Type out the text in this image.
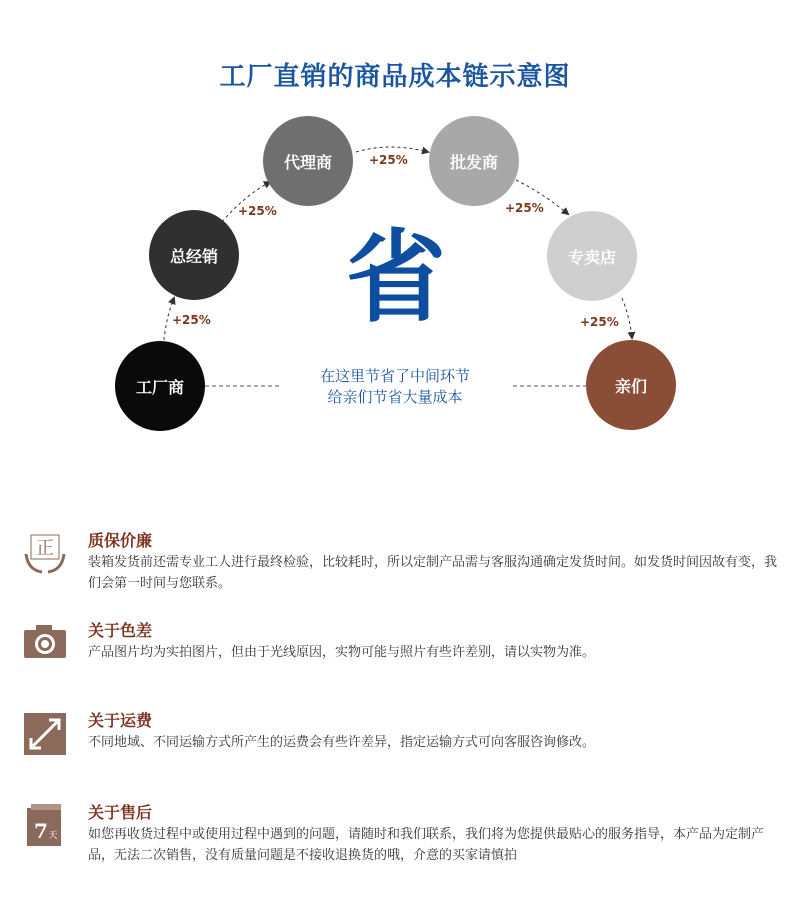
工厂直销的商品成本链示意图
工厂商
总经销
代理商	批发商
专卖店
亲们
+25%
+25%
+25%
+25%
+25%
省
在这里节省了中间环节
给亲们节省大量成本
正 质保价廉
装箱发货前还需专业工人进行最终检验，比较耗时，所以定制产品需与客服沟通确定发货时间。如发货时间因故有变，我们会第一时间与您联系。
关于色差
产品图片均为实拍图片，但由于光线原因，实物可能与照片有些许差别，请以实物为准。
关于运费
不同地域、不同运输方式所产生的运费会有些许差异，指定运输方式可向客服咨询修改。
7 天
关于售后
如您再收货过程中或使用过程中遇到的问题，请随时和我们联系，我们将为您提供最贴心的服务指导，本产品为定制产品，无法二次销售，没有质量问题是不接收退换货的哦，介意的买家请慎拍
